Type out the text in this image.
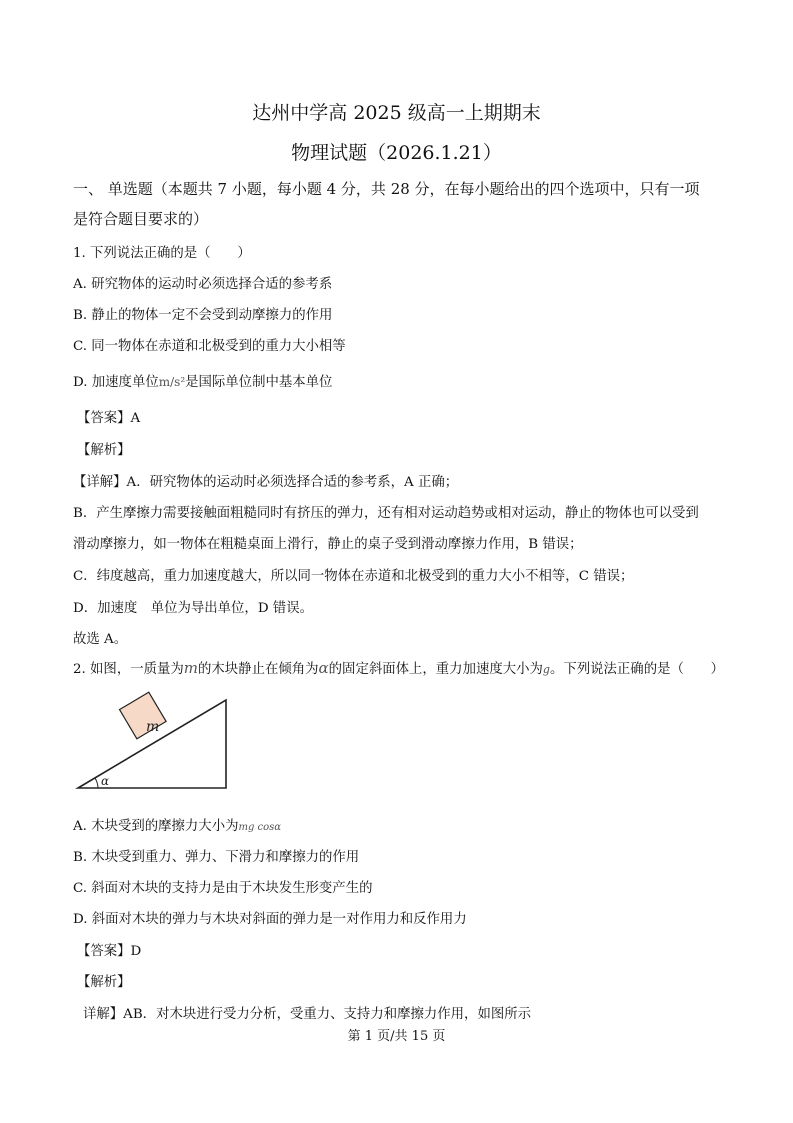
达州中学高 2025 级高一上期期末
物理试题（2026.1.21）
一、 单选题（本题共 7 小题，每小题 4 分，共 28 分，在每小题给出的四个选项中，只有一项
是符合题目要求的）
1. 下列说法正确的是（　　）
A. 研究物体的运动时必须选择合适的参考系
B. 静止的物体一定不会受到动摩擦力的作用
C. 同一物体在赤道和北极受到的重力大小相等
D. 加速度单位m/s²是国际单位制中基本单位
【答案】A
【解析】
【详解】A．研究物体的运动时必须选择合适的参考系，A 正确；
B．产生摩擦力需要接触面粗糙同时有挤压的弹力，还有相对运动趋势或相对运动，静止的物体也可以受到
滑动摩擦力，如一物体在粗糙桌面上滑行，静止的桌子受到滑动摩擦力作用，B 错误；
C．纬度越高，重力加速度越大，所以同一物体在赤道和北极受到的重力大小不相等，C 错误；
D．加速度　单位为导出单位，D 错误。
故选 A。
2. 如图，一质量为m的木块静止在倾角为α的固定斜面体上，重力加速度大小为g。下列说法正确的是（　　）
m
α
A. 木块受到的摩擦力大小为mg cosα
B. 木块受到重力、弹力、下滑力和摩擦力的作用
C. 斜面对木块的支持力是由于木块发生形变产生的
D. 斜面对木块的弹力与木块对斜面的弹力是一对作用力和反作用力
【答案】D
【解析】
详解】AB．对木块进行受力分析，受重力、支持力和摩擦力作用，如图所示
第 1 页/共 15 页
